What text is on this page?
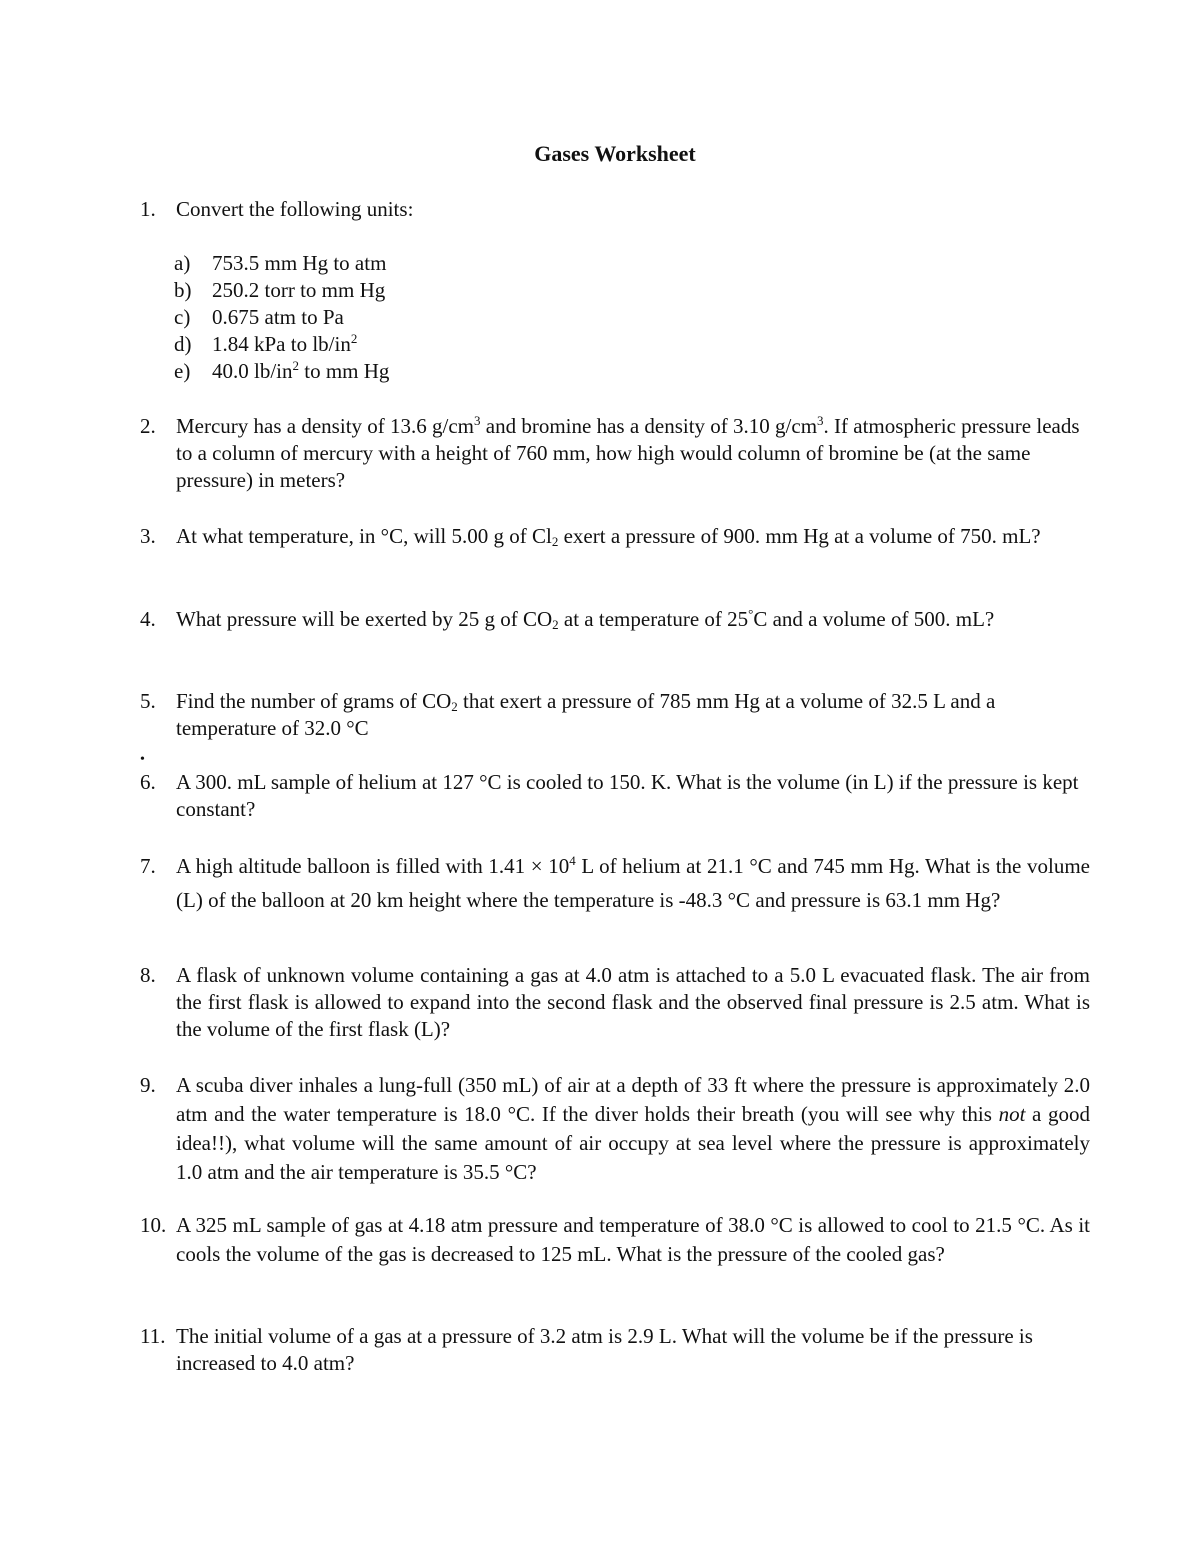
Gases Worksheet
1. Convert the following units:
a) 753.5 mm Hg to atm
b) 250.2 torr to mm Hg
c) 0.675 atm to Pa
d) 1.84 kPa to $lb/in^2$
e) 40.0 $lb/in^2$ to mm Hg
2. Mercury has a density of 13.6 $g/cm^3$ and bromine has a density of 3.10 $g/cm^3$. If atmospheric pressure leads to a column of mercury with a height of 760 mm, how high would column of bromine be (at the same pressure) in meters?
3. At what temperature, in °C, will 5.00 g of $Cl_2$ exert a pressure of 900. mm Hg at a volume of 750. mL?
4. What pressure will be exerted by 25 g of $CO_2$ at a temperature of 25°C and a volume of 500. mL?
5. Find the number of grams of $CO_2$ that exert a pressure of 785 mm Hg at a volume of 32.5 L and a temperature of 32.0 °C
•
6. A 300. mL sample of helium at 127 °C is cooled to 150. K. What is the volume (in L) if the pressure is kept constant?
7. A high altitude balloon is filled with $1.41 \times 10^4$ L of helium at 21.1 °C and 745 mm Hg. What is the volume (L) of the balloon at 20 km height where the temperature is -48.3 °C and pressure is 63.1 mm Hg?
8. A flask of unknown volume containing a gas at 4.0 atm is attached to a 5.0 L evacuated flask. The air from the first flask is allowed to expand into the second flask and the observed final pressure is 2.5 atm. What is the volume of the first flask (L)?
9. A scuba diver inhales a lung-full (350 mL) of air at a depth of 33 ft where the pressure is approximately 2.0 atm and the water temperature is 18.0 °C. If the diver holds their breath (you will see why this not a good idea!!), what volume will the same amount of air occupy at sea level where the pressure is approximately 1.0 atm and the air temperature is 35.5 °C?
10. A 325 mL sample of gas at 4.18 atm pressure and temperature of 38.0 °C is allowed to cool to 21.5 °C. As it cools the volume of the gas is decreased to 125 mL. What is the pressure of the cooled gas?
11. The initial volume of a gas at a pressure of 3.2 atm is 2.9 L. What will the volume be if the pressure is increased to 4.0 atm?
